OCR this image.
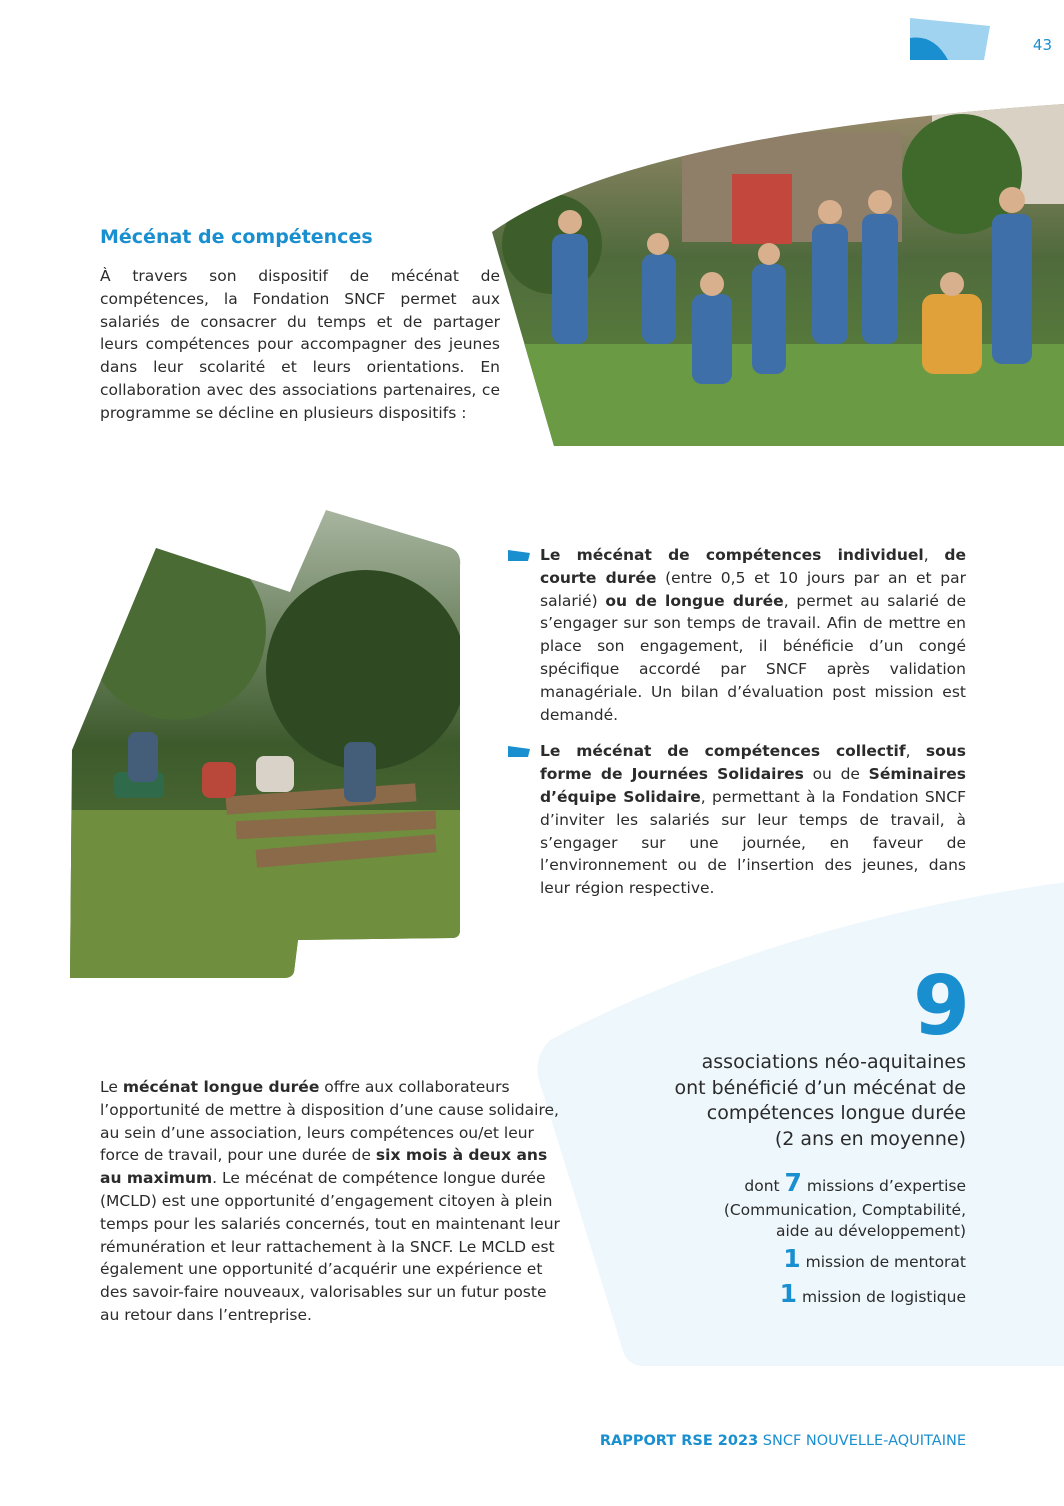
43
Mécénat de compétences
À travers son dispositif de mécénat de compétences, la Fondation SNCF permet aux salariés de consacrer du temps et de partager leurs compétences pour accompagner des jeunes dans leur scolarité et leurs orientations. En collaboration avec des associations partenaires, ce programme se décline en plusieurs dispositifs :
Le mécénat de compétences individuel, de courte durée (entre 0,5 et 10 jours par an et par salarié) ou de longue durée, permet au salarié de s’engager sur son temps de travail. Afin de mettre en place son engagement, il bénéficie d’un congé spécifique accordé par SNCF après validation managériale. Un bilan d’évaluation post mission est demandé.
Le mécénat de compétences collectif, sous forme de Journées Solidaires ou de Séminaires d’équipe Solidaire, permettant à la Fondation SNCF d’inviter les salariés sur leur temps de travail, à s’engager sur une journée, en faveur de l’environnement ou de l’insertion des jeunes, dans leur région respective.
9
associations néo-aquitaines
ont bénéficié d’un mécénat de
compétences longue durée
(2 ans en moyenne)
dont 7 missions d’expertise
(Communication, Comptabilité,
aide au développement)
1 mission de mentorat
1 mission de logistique
Le mécénat longue durée offre aux collaborateurs l’opportunité de mettre à disposition d’une cause solidaire, au sein d’une association, leurs compétences ou/et leur force de travail, pour une durée de six mois à deux ans au maximum. Le mécénat de compétence longue durée (MCLD) est une opportunité d’engagement citoyen à plein temps pour les salariés concernés, tout en maintenant leur rémunération et leur rattachement à la SNCF. Le MCLD est également une opportunité d’acquérir une expérience et des savoir-faire nouveaux, valorisables sur un futur poste au retour dans l’entreprise.
RAPPORT RSE 2023 SNCF NOUVELLE-AQUITAINE
